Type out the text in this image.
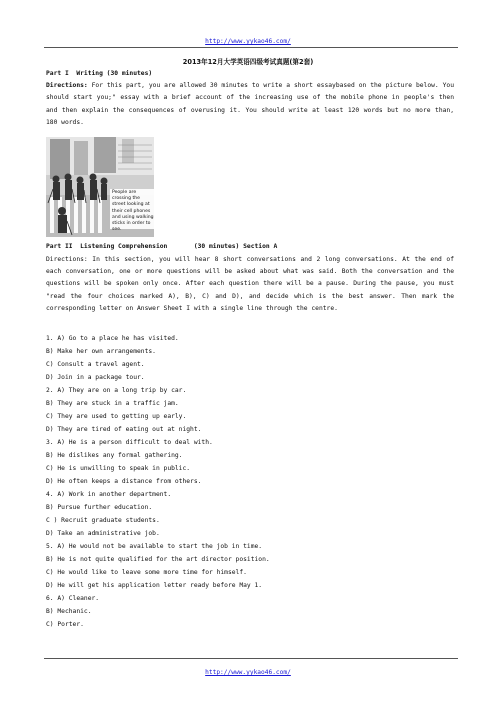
http://www.yykao46.com/
2013年12月大学英语四级考试真题(第2套)
Part I  Writing (30 minutes)
Directions: For this part, you are allowed 30 minutes to write a short essaybased on the picture below. You should start you;" essay with a brief account of the increasing use of the mobile phone in people's then and then explain the consequences of overusing it. You should write at least 120 words but no more than, 180 words.
People are crossing the street looking at their cell phones and using walking sticks in order to see.
Part II  Listening Comprehension       (30 minutes) Section A
Directions: In this section, you will hear 8 short conversations and 2 long conversations. At the end of each conversation, one or more questions will be asked about what was said. Both the conversation and the questions will be spoken only once. After each question there will be a pause. During the pause, you must "read the four choices marked A), B), C) and D), and decide which is the best answer. Then mark the corresponding letter on Answer Sheet I with a single line through the centre.
1. A) Go to a place he has visited.
B) Make her own arrangements.
C) Consult a travel agent.
D) Join in a package tour.
2. A) They are on a long trip by car.
B) They are stuck in a traffic jam.
C) They are used to getting up early.
D) They are tired of eating out at night.
3. A) He is a person difficult to deal with.
B) He dislikes any formal gathering.
C) He is unwilling to speak in public.
D) He often keeps a distance from others.
4. A) Work in another department.
B) Pursue further education.
C ) Recruit graduate students.
D) Take an administrative job.
5. A) He would not be available to start the job in time.
B) He is not quite qualified for the art director position.
C) He would like to leave some more time for himself.
D) He will get his application letter ready before May 1.
6. A) Cleaner.
B) Mechanic.
C) Porter.
http://www.yykao46.com/
